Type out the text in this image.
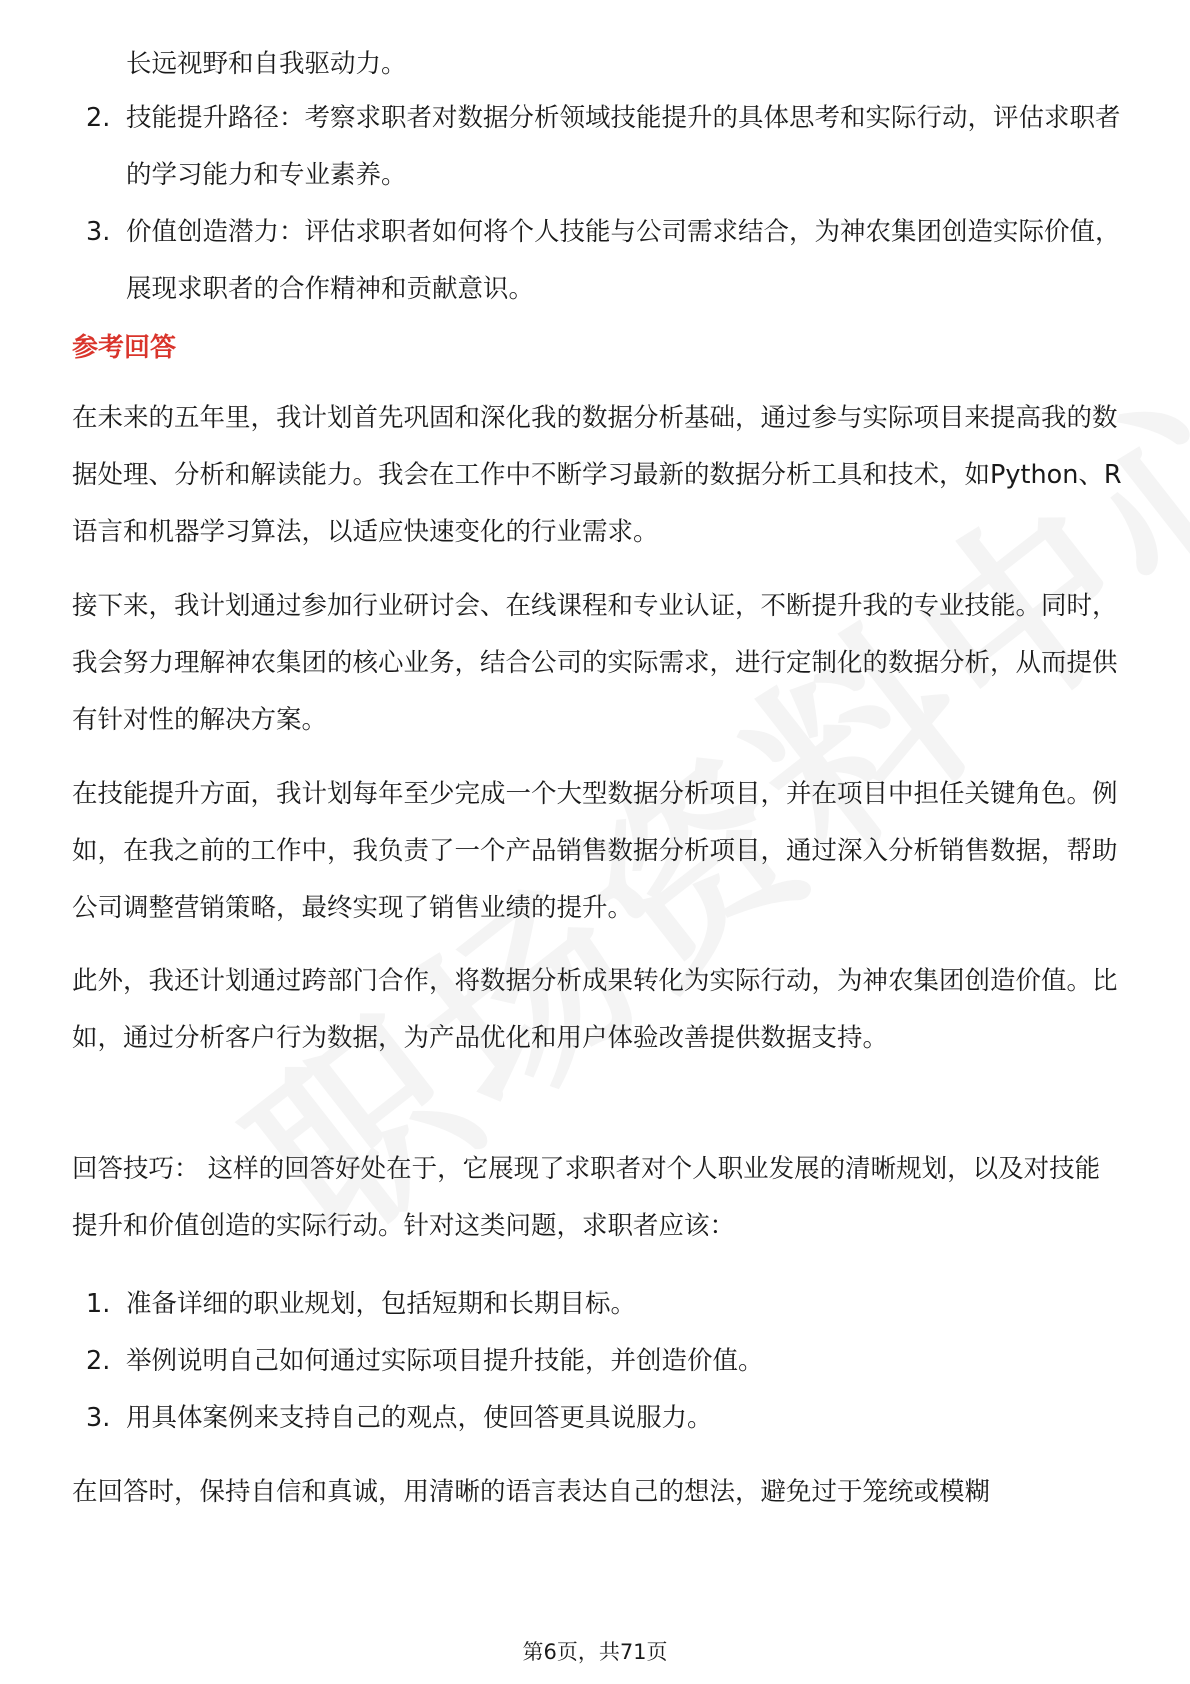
长远视野和自我驱动力。
2. 技能提升路径：考察求职者对数据分析领域技能提升的具体思考和实际行动，评估求职者的学习能力和专业素养。
3. 价值创造潜力：评估求职者如何将个人技能与公司需求结合，为神农集团创造实际价值，展现求职者的合作精神和贡献意识。
参考回答
在未来的五年里，我计划首先巩固和深化我的数据分析基础，通过参与实际项目来提高我的数据处理、分析和解读能力。我会在工作中不断学习最新的数据分析工具和技术，如Python、R语言和机器学习算法，以适应快速变化的行业需求。
接下来，我计划通过参加行业研讨会、在线课程和专业认证，不断提升我的专业技能。同时，我会努力理解神农集团的核心业务，结合公司的实际需求，进行定制化的数据分析，从而提供有针对性的解决方案。
在技能提升方面，我计划每年至少完成一个大型数据分析项目，并在项目中担任关键角色。例如，在我之前的工作中，我负责了一个产品销售数据分析项目，通过深入分析销售数据，帮助公司调整营销策略，最终实现了销售业绩的提升。
此外，我还计划通过跨部门合作，将数据分析成果转化为实际行动，为神农集团创造价值。比如，通过分析客户行为数据，为产品优化和用户体验改善提供数据支持。
回答技巧： 这样的回答好处在于，它展现了求职者对个人职业发展的清晰规划，以及对技能提升和价值创造的实际行动。针对这类问题，求职者应该：
1. 准备详细的职业规划，包括短期和长期目标。
2. 举例说明自己如何通过实际项目提升技能，并创造价值。
3. 用具体案例来支持自己的观点，使回答更具说服力。
在回答时，保持自信和真诚，用清晰的语言表达自己的想法，避免过于笼统或模糊
第6页，共71页
